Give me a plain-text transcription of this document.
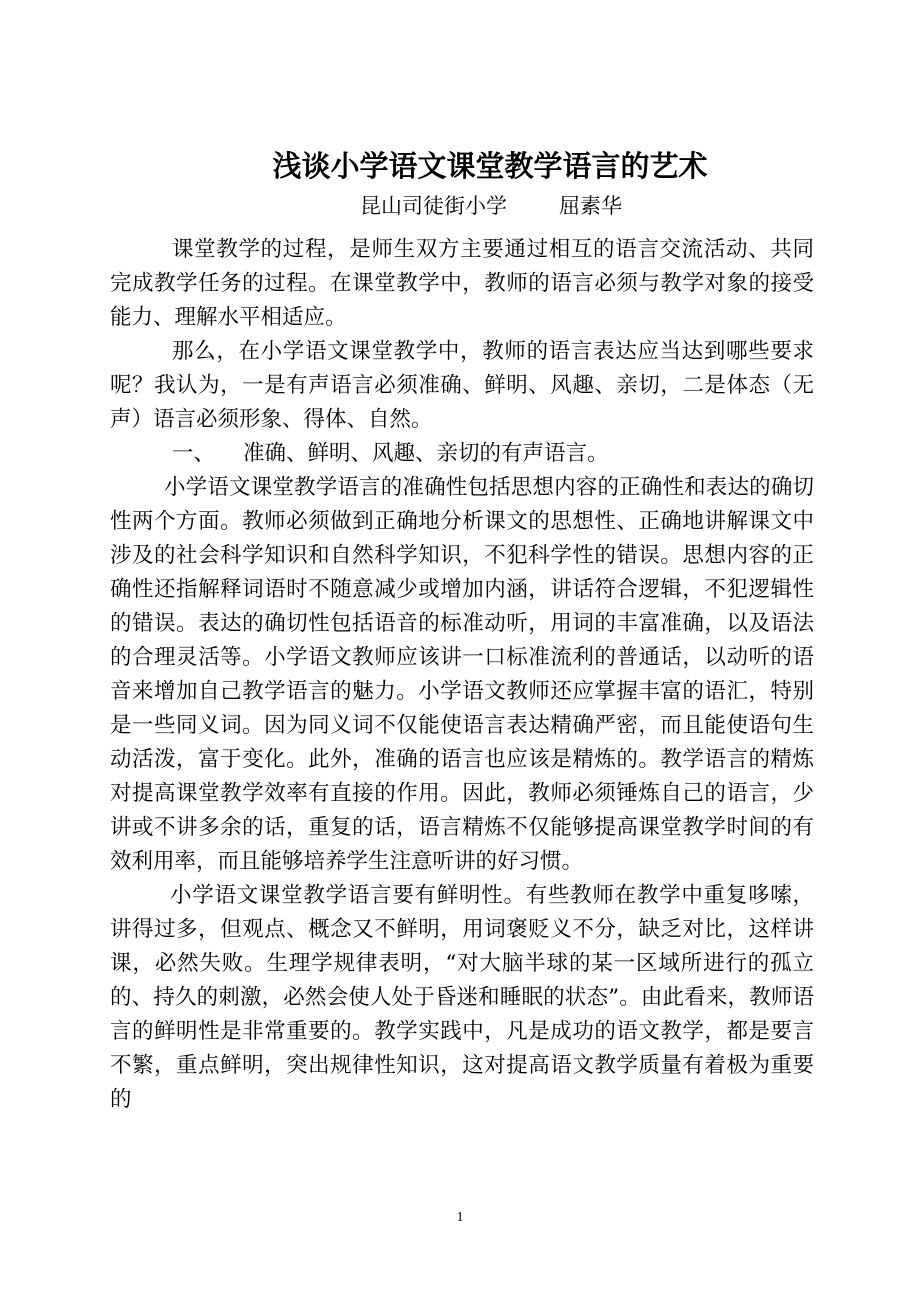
浅谈小学语文课堂教学语言的艺术
昆山司徒街小学 屈素华

课堂教学的过程，是师生双方主要通过相互的语言交流活动、共同完成教学任务的过程。在课堂教学中，教师的语言必须与教学对象的接受能力、理解水平相适应。

那么，在小学语文课堂教学中，教师的语言表达应当达到哪些要求呢？我认为，一是有声语言必须准确、鲜明、风趣、亲切，二是体态（无声）语言必须形象、得体、自然。

一、 准确、鲜明、风趣、亲切的有声语言。

小学语文课堂教学语言的准确性包括思想内容的正确性和表达的确切性两个方面。教师必须做到正确地分析课文的思想性、正确地讲解课文中涉及的社会科学知识和自然科学知识，不犯科学性的错误。思想内容的正确性还指解释词语时不随意减少或增加内涵，讲话符合逻辑，不犯逻辑性的错误。表达的确切性包括语音的标准动听，用词的丰富准确，以及语法的合理灵活等。小学语文教师应该讲一口标准流利的普通话，以动听的语音来增加自己教学语言的魅力。小学语文教师还应掌握丰富的语汇，特别是一些同义词。因为同义词不仅能使语言表达精确严密，而且能使语句生动活泼，富于变化。此外，准确的语言也应该是精炼的。教学语言的精炼对提高课堂教学效率有直接的作用。因此，教师必须锤炼自己的语言，少讲或不讲多余的话，重复的话，语言精炼不仅能够提高课堂教学时间的有效利用率，而且能够培养学生注意听讲的好习惯。

小学语文课堂教学语言要有鲜明性。有些教师在教学中重复哆嗦，讲得过多，但观点、概念又不鲜明，用词褒贬义不分，缺乏对比，这样讲课，必然失败。生理学规律表明，“对大脑半球的某一区域所进行的孤立的、持久的刺激，必然会使人处于昏迷和睡眠的状态”。由此看来，教师语言的鲜明性是非常重要的。教学实践中，凡是成功的语文教学，都是要言不繁，重点鲜明，突出规律性知识，这对提高语文教学质量有着极为重要的

1
